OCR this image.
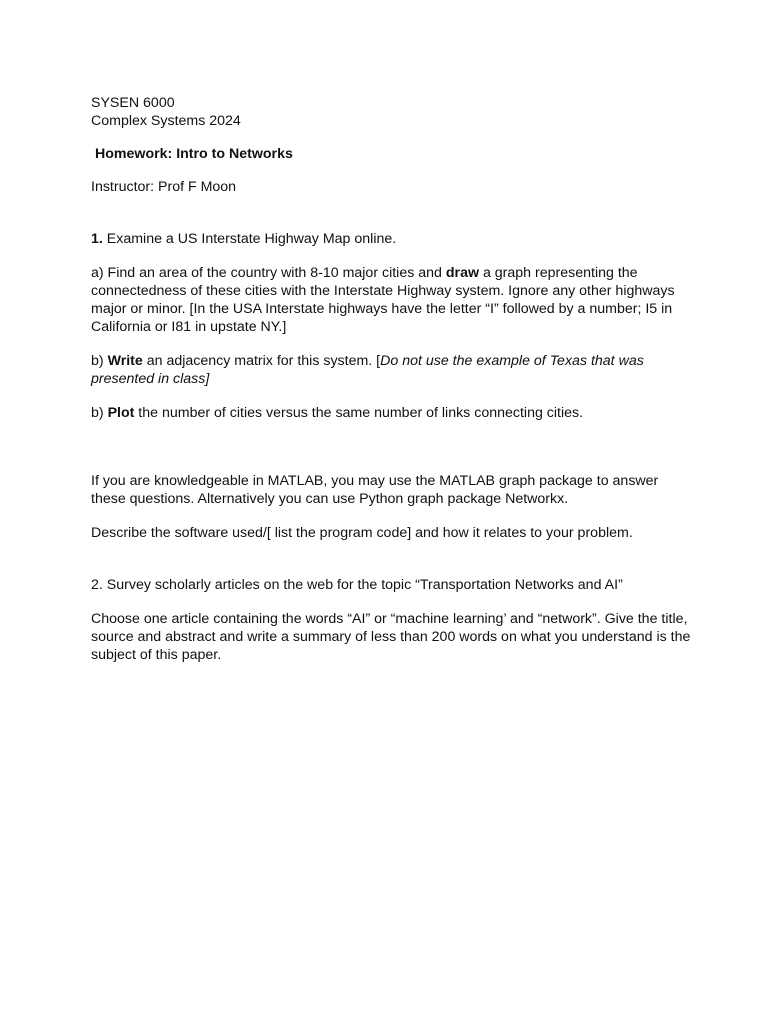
SYSEN 6000

Complex Systems 2024

Homework: Intro to Networks

Instructor: Prof F Moon

1. Examine a US Interstate Highway Map online.

a) Find an area of the country with 8-10 major cities and draw a graph representing the connectedness of these cities with the Interstate Highway system. Ignore any other highways major or minor. [In the USA Interstate highways have the letter “I” followed by a number; I5 in California or I81 in upstate NY.]

b) Write an adjacency matrix for this system. [Do not use the example of Texas that was presented in class]

b) Plot the number of cities versus the same number of links connecting cities.

If you are knowledgeable in MATLAB, you may use the MATLAB graph package to answer these questions. Alternatively you can use Python graph package Networkx.

Describe the software used/[ list the program code] and how it relates to your problem.

2. Survey scholarly articles on the web for the topic “Transportation Networks and AI”

Choose one article containing the words “AI” or “machine learning’ and “network”. Give the title, source and abstract and write a summary of less than 200 words on what you understand is the subject of this paper.
